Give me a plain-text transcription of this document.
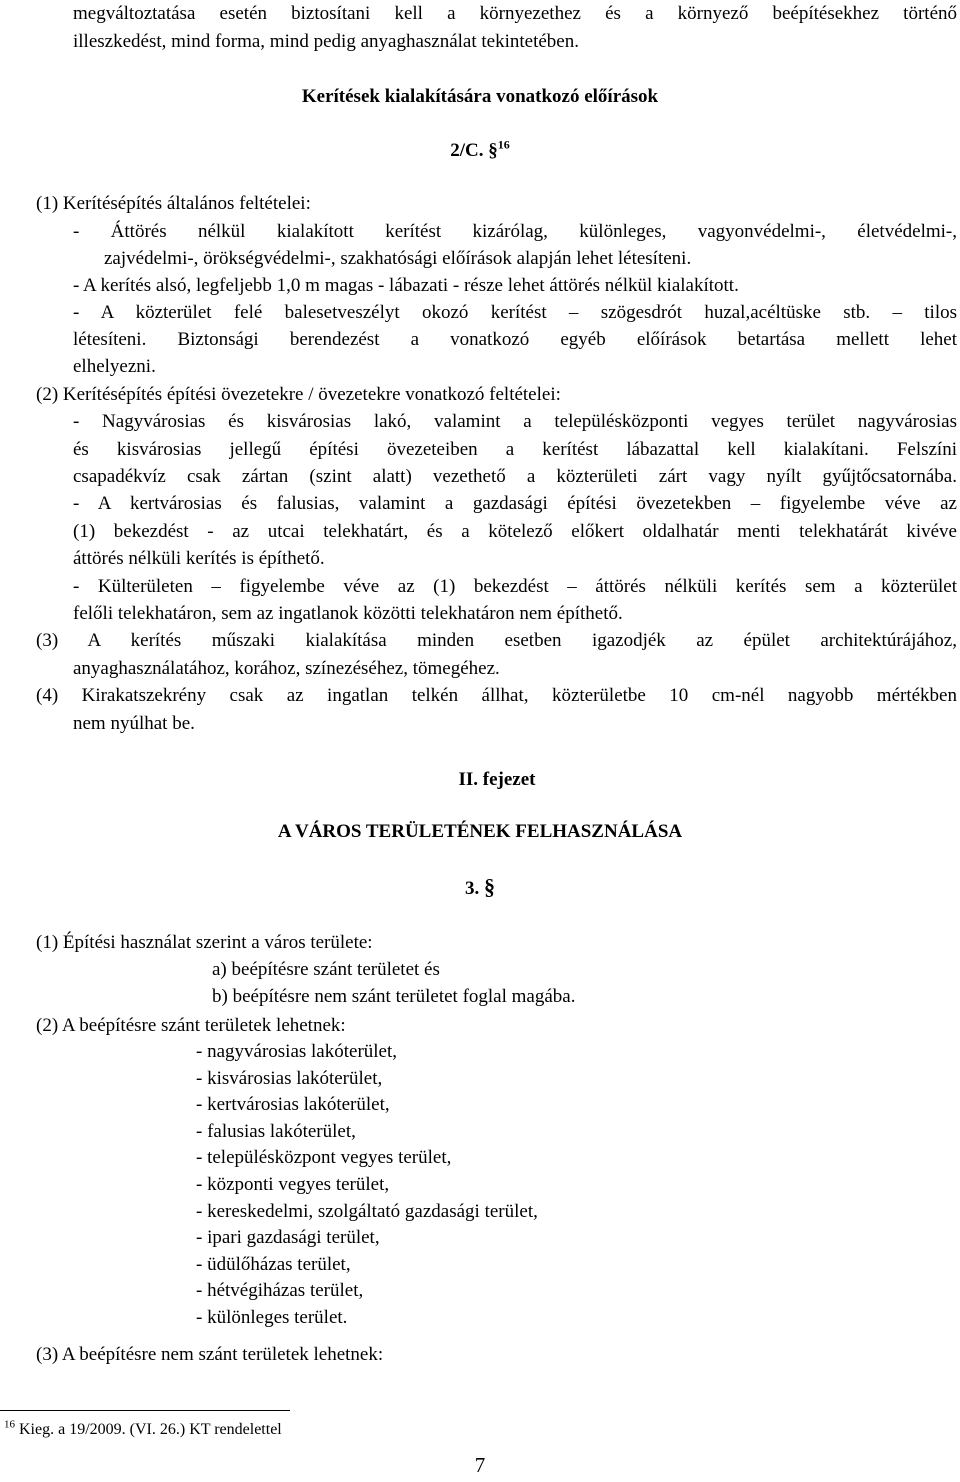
megváltoztatása esetén biztosítani kell a környezethez és a környező beépítésekhez történő
illeszkedést, mind forma, mind pedig anyaghasználat tekintetében.
Kerítések kialakítására vonatkozó előírások
2/C. §$^{16}$
(1) Kerítésépítés általános feltételei:
- Áttörés nélkül kialakított kerítést kizárólag, különleges, vagyonvédelmi-, életvédelmi-,
zajvédelmi-, örökségvédelmi-, szakhatósági előírások alapján lehet létesíteni.
- A kerítés alsó, legfeljebb 1,0 m magas - lábazati - része lehet áttörés nélkül kialakított.
- A közterület felé balesetveszélyt okozó kerítést – szögesdrót huzal,acéltüske stb. – tilos
létesíteni. Biztonsági berendezést a vonatkozó egyéb előírások betartása mellett lehet
elhelyezni.
(2) Kerítésépítés építési övezetekre / övezetekre vonatkozó feltételei:
- Nagyvárosias és kisvárosias lakó, valamint a településközponti vegyes terület nagyvárosias
és kisvárosias jellegű építési övezeteiben a kerítést lábazattal kell kialakítani. Felszíni
csapadékvíz csak zártan (szint alatt) vezethető a közterületi zárt vagy nyílt gyűjtőcsatornába.
- A kertvárosias és falusias, valamint a gazdasági építési övezetekben – figyelembe véve az
(1) bekezdést - az utcai telekhatárt, és a kötelező előkert oldalhatár menti telekhatárát kivéve
áttörés nélküli kerítés is építhető.
- Külterületen – figyelembe véve az (1) bekezdést – áttörés nélküli kerítés sem a közterület
felőli telekhatáron, sem az ingatlanok közötti telekhatáron nem építhető.
(3) A kerítés műszaki kialakítása minden esetben igazodjék az épület architektúrájához,
anyaghasználatához, korához, színezéséhez, tömegéhez.
(4) Kirakatszekrény csak az ingatlan telkén állhat, közterületbe 10 cm-nél nagyobb mértékben
nem nyúlhat be.
II. fejezet
A VÁROS TERÜLETÉNEK FELHASZNÁLÁSA
3. §
(1) Építési használat szerint a város területe:
a) beépítésre szánt területet és
b) beépítésre nem szánt területet foglal magába.
(2) A beépítésre szánt területek lehetnek:
- nagyvárosias lakóterület,
- kisvárosias lakóterület,
- kertvárosias lakóterület,
- falusias lakóterület,
- településközpont vegyes terület,
- központi vegyes terület,
- kereskedelmi, szolgáltató gazdasági terület,
- ipari gazdasági terület,
- üdülőházas terület,
- hétvégiházas terület,
- különleges terület.
(3) A beépítésre nem szánt területek lehetnek:
$^{16}$ Kieg. a 19/2009. (VI. 26.) KT rendelettel
7
